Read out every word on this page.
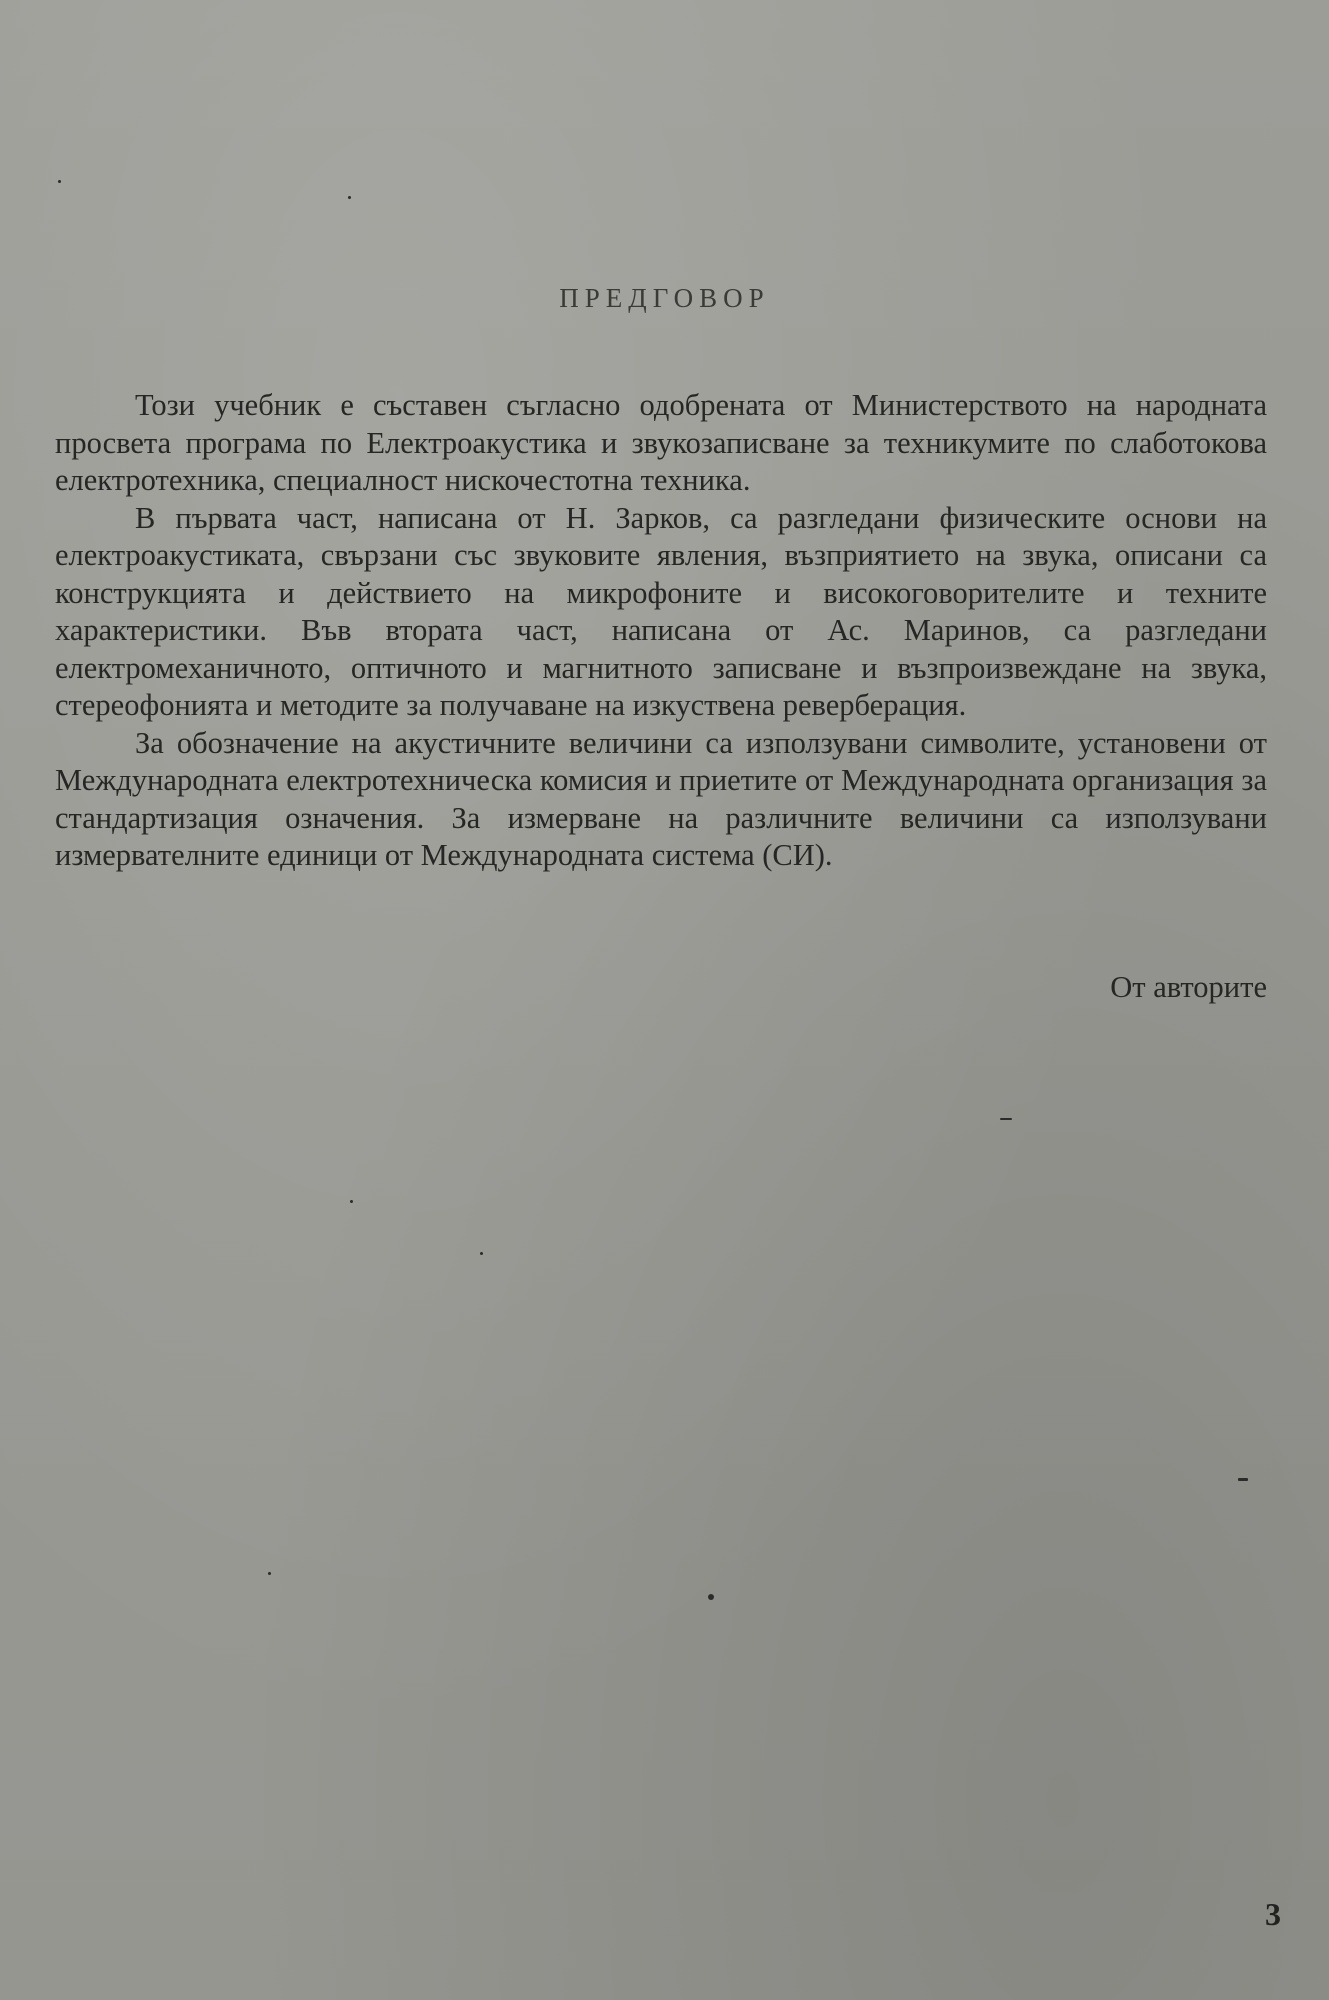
ПРЕДГОВОР

Този учебник е съставен съгласно одобрената от Министерството на народната просвета програма по Електроакустика и звукозаписване за техникумите по слаботокова електротехника, специалност нискочестотна техника.

В първата част, написана от Н. Зарков, са разгледани физическите основи на електроакустиката, свързани със звуковите явления, възприятието на звука, описани са конструкцията и действието на микрофоните и високоговорителите и техните характеристики. Във втората част, написана от Ас. Маринов, са разгледани електромеханичното, оптичното и магнитното записване и възпроизвеждане на звука, стереофонията и методите за получаване на изкуствена реверберация.

За обозначение на акустичните величини са използувани символите, установени от Международната електротехническа комисия и приетите от Международната организация за стандартизация означения. За измерване на различните величини са използувани измервателните единици от Международната система (СИ).

От авторите
3
